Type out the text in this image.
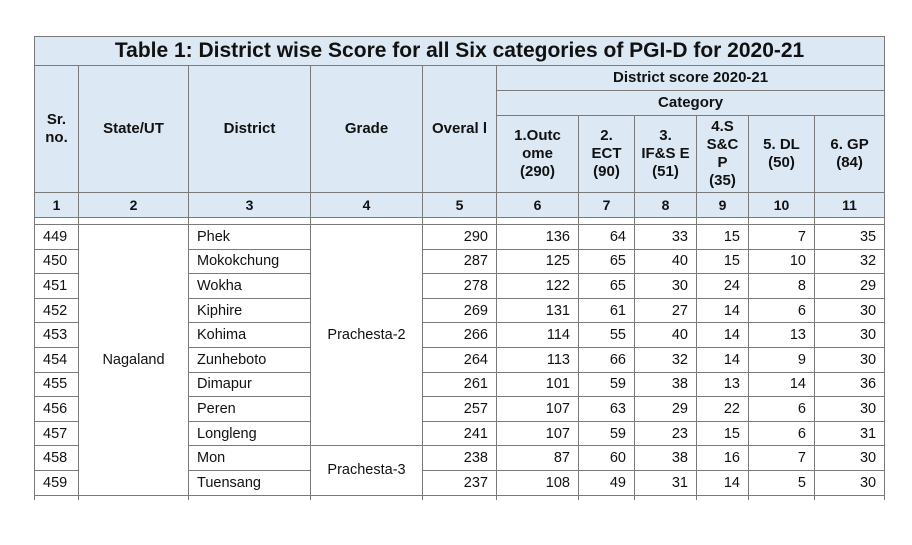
Table 1: District wise Score for all Six categories of PGI-D for 2020-21										
Sr. no.	State/UT	District	Grade	Overal l	District score 2020-21					
					Category					
					1.Outc ome (290)	2. ECT (90)	3. IF&S E (51)	4.S S&C P (35)	5. DL (50)	6. GP (84)
1	2	3	4	5	6	7	8	9	10	11

449	Nagaland	Phek	Prachesta-2	290	136	64	33	15	7	35
450		Mokokchung		287	125	65	40	15	10	32
451		Wokha		278	122	65	30	24	8	29
452		Kiphire		269	131	61	27	14	6	30
453		Kohima		266	114	55	40	14	13	30
454		Zunheboto		264	113	66	32	14	9	30
455		Dimapur		261	101	59	38	13	14	36
456		Peren		257	107	63	29	22	6	30
457		Longleng		241	107	59	23	15	6	31
458		Mon	Prachesta-3	238	87	60	38	16	7	30
459		Tuensang		237	108	49	31	14	5	30
